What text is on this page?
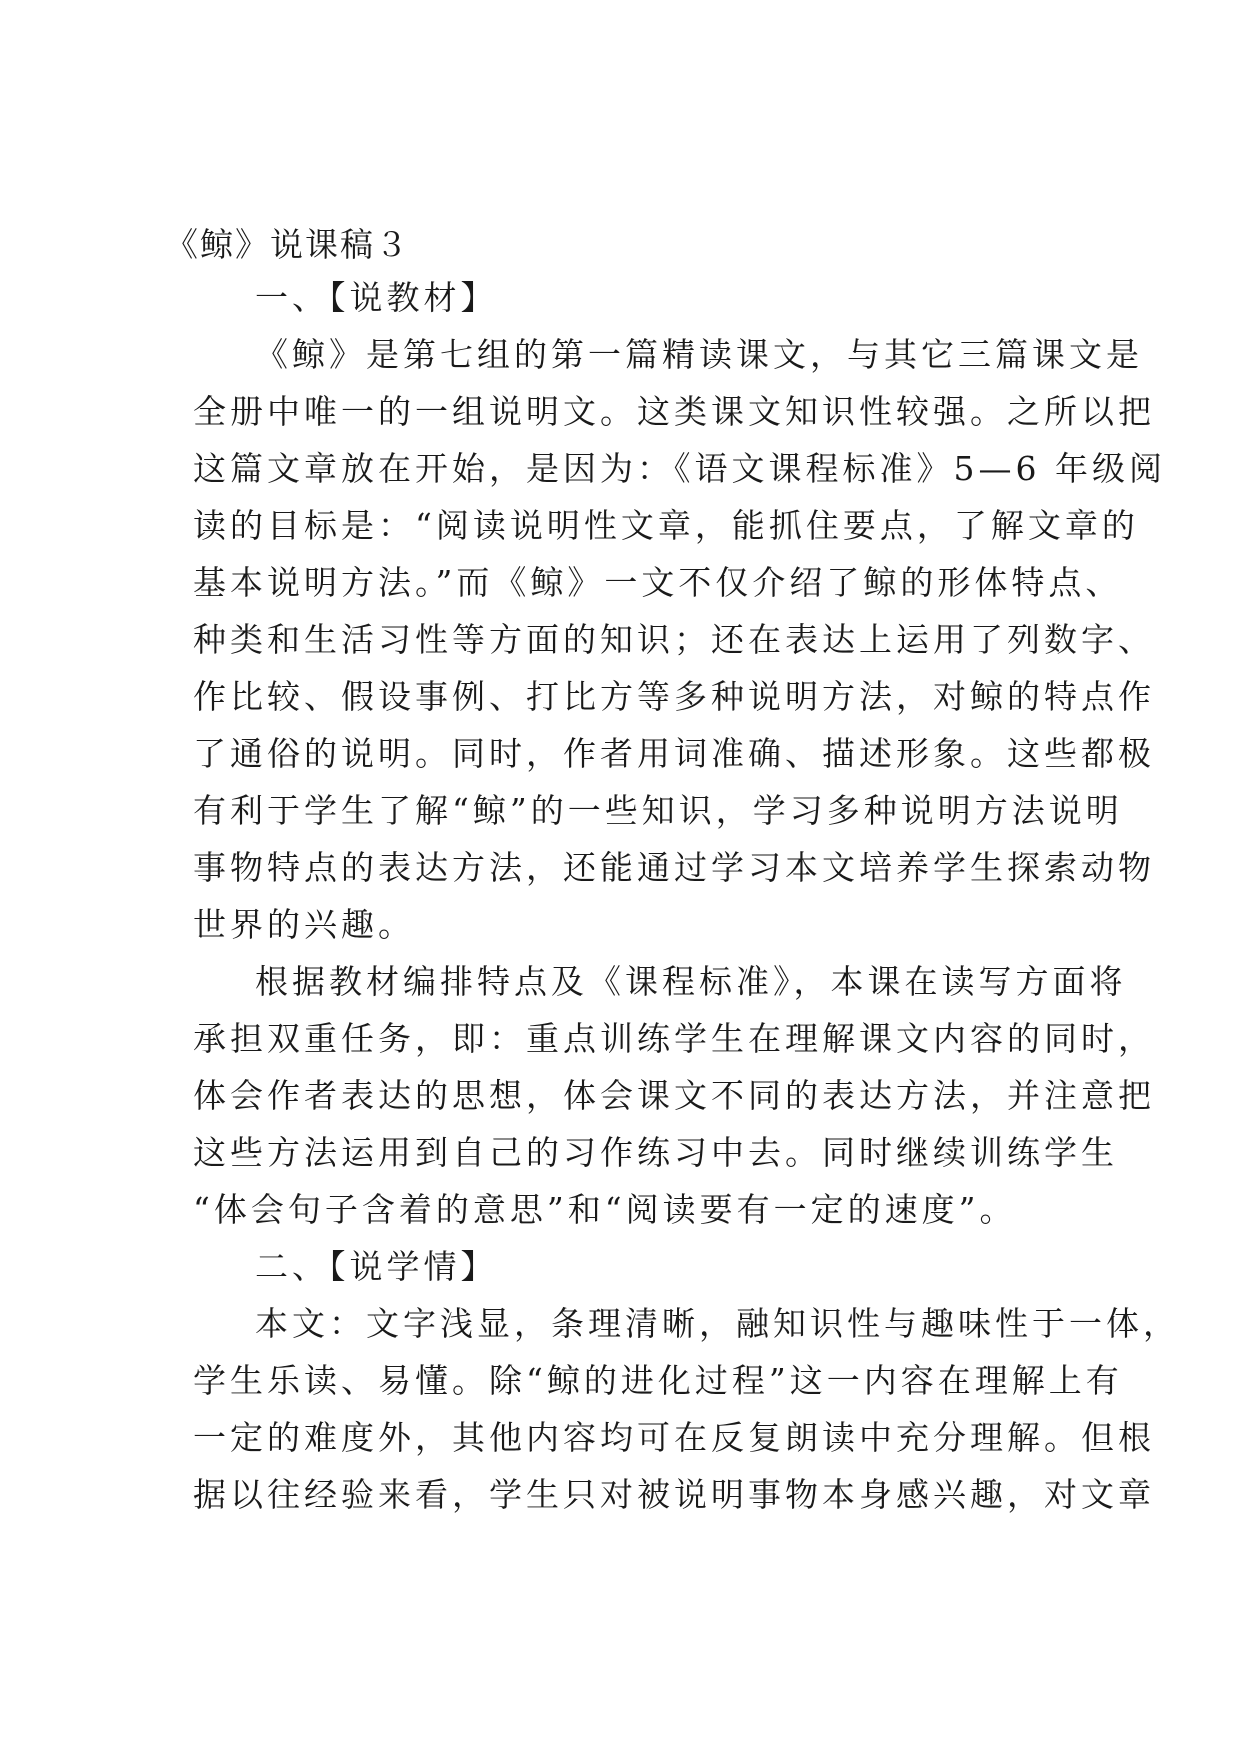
《鲸》说课稿３
一、【说教材】
《鲸》是第七组的第一篇精读课文，与其它三篇课文是
全册中唯一的一组说明文。这类课文知识性较强。之所以把
这篇文章放在开始，是因为：《语文课程标准》5—6 年级阅
读的目标是：“阅读说明性文章，能抓住要点，了解文章的
基本说明方法。”而《鲸》一文不仅介绍了鲸的形体特点、
种类和生活习性等方面的知识；还在表达上运用了列数字、
作比较、假设事例、打比方等多种说明方法，对鲸的特点作
了通俗的说明。同时，作者用词准确、描述形象。这些都极
有利于学生了解“鲸”的一些知识，学习多种说明方法说明
事物特点的表达方法，还能通过学习本文培养学生探索动物
世界的兴趣。
根据教材编排特点及《课程标准》，本课在读写方面将
承担双重任务，即：重点训练学生在理解课文内容的同时，
体会作者表达的思想，体会课文不同的表达方法，并注意把
这些方法运用到自己的习作练习中去。同时继续训练学生
“体会句子含着的意思”和“阅读要有一定的速度”。
二、【说学情】
本文：文字浅显，条理清晰，融知识性与趣味性于一体，
学生乐读、易懂。除“鲸的进化过程”这一内容在理解上有
一定的难度外，其他内容均可在反复朗读中充分理解。但根
据以往经验来看，学生只对被说明事物本身感兴趣，对文章
